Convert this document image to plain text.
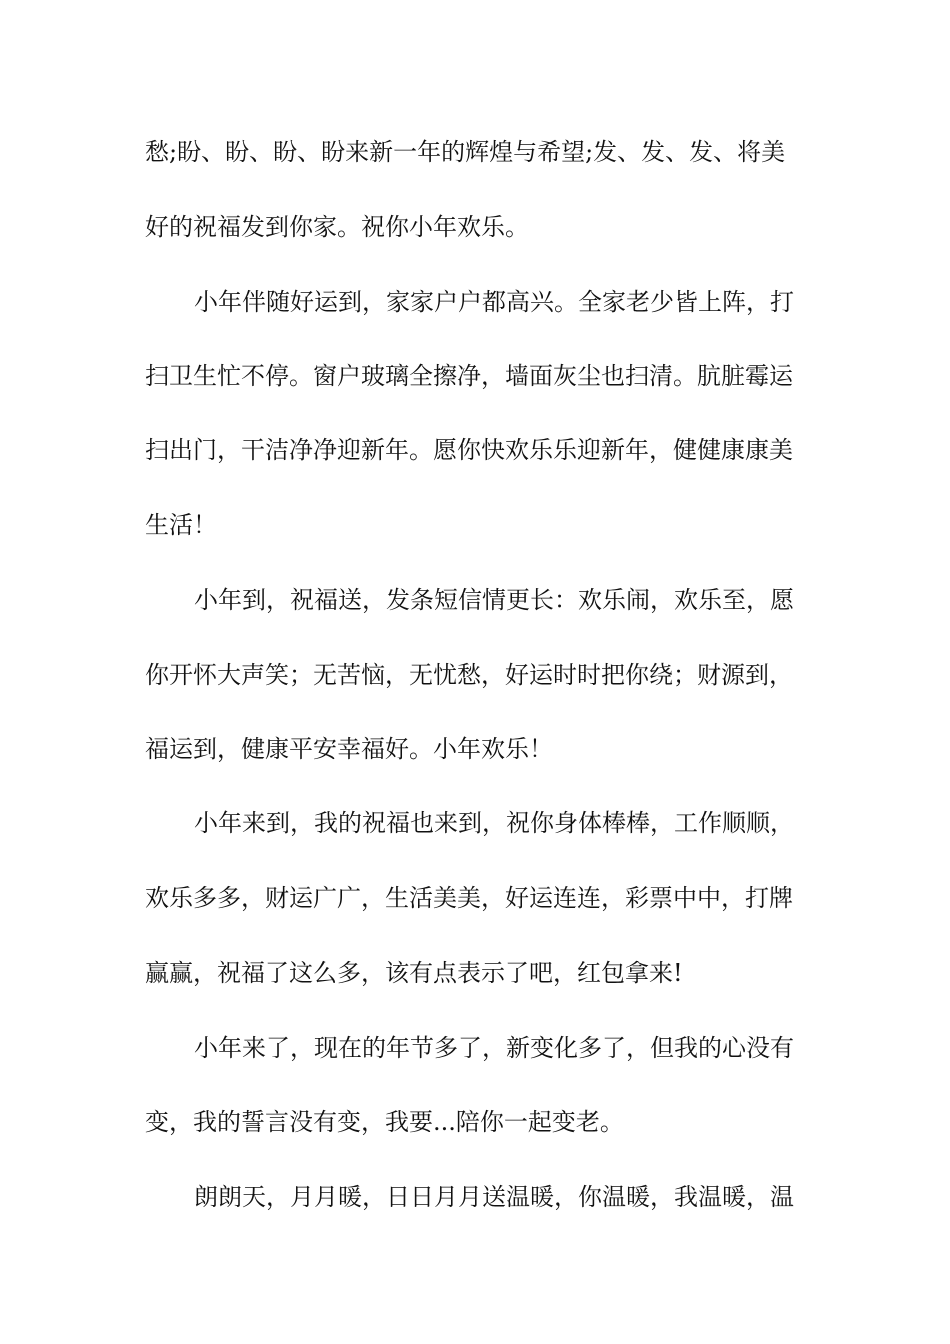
愁;盼、盼、盼、盼来新一年的辉煌与希望;发、发、发、将美
好的祝福发到你家。祝你小年欢乐。
小年伴随好运到，家家户户都高兴。全家老少皆上阵，打
扫卫生忙不停。窗户玻璃全擦净，墙面灰尘也扫清。肮脏霉运
扫出门，干洁净净迎新年。愿你快欢乐乐迎新年，健健康康美
生活！
小年到，祝福送，发条短信情更长：欢乐闹，欢乐至，愿
你开怀大声笑；无苦恼，无忧愁，好运时时把你绕；财源到，
福运到，健康平安幸福好。小年欢乐！
小年来到，我的祝福也来到，祝你身体棒棒，工作顺顺，
欢乐多多，财运广广，生活美美，好运连连，彩票中中，打牌
赢赢，祝福了这么多，该有点表示了吧，红包拿来!
小年来了，现在的年节多了，新变化多了，但我的心没有
变，我的誓言没有变，我要...陪你一起变老。
朗朗天，月月暖，日日月月送温暖，你温暖，我温暖，温
